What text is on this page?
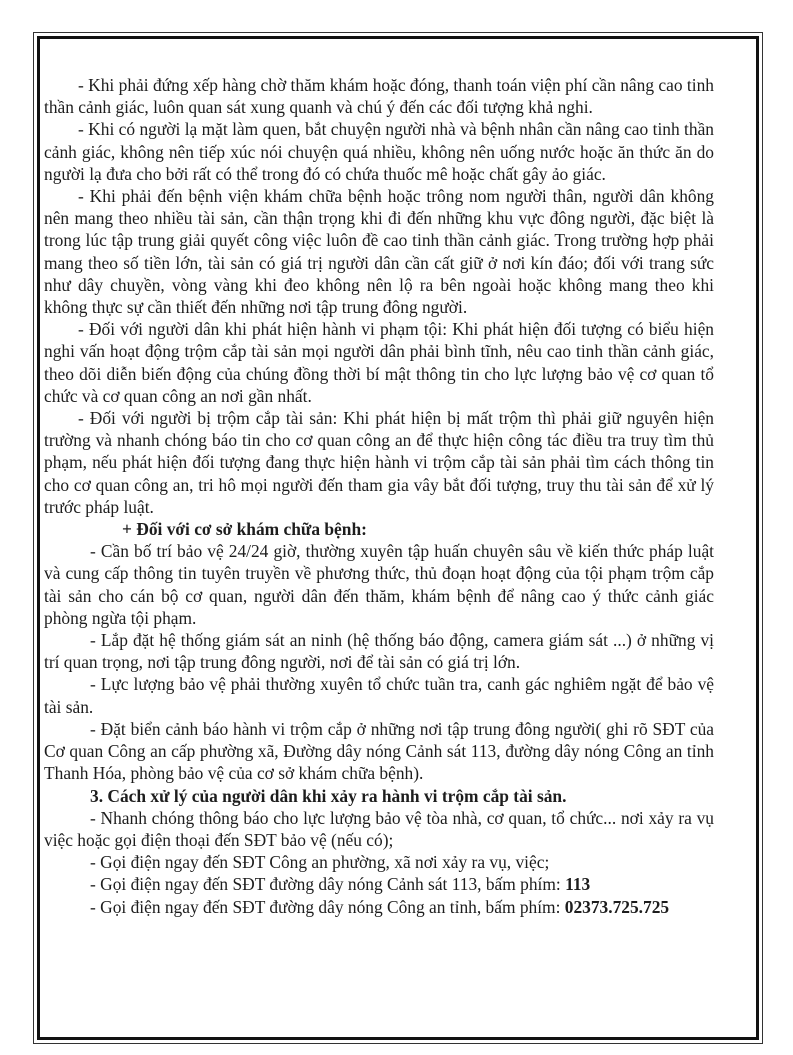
- Khi phải đứng xếp hàng chờ thăm khám hoặc đóng, thanh toán viện phí cần nâng cao tinh thần cảnh giác, luôn quan sát xung quanh và chú ý đến các đối tượng khả nghi.

- Khi có người lạ mặt làm quen, bắt chuyện người nhà và bệnh nhân cần nâng cao tinh thần cảnh giác, không nên tiếp xúc nói chuyện quá nhiều, không nên uống nước hoặc ăn thức ăn do người lạ đưa cho bởi rất có thể trong đó có chứa thuốc mê hoặc chất gây ảo giác.

- Khi phải đến bệnh viện khám chữa bệnh hoặc trông nom người thân, người dân không nên mang theo nhiều tài sản, cần thận trọng khi đi đến những khu vực đông người, đặc biệt là trong lúc tập trung giải quyết công việc luôn đề cao tinh thần cảnh giác. Trong trường hợp phải mang theo số tiền lớn, tài sản có giá trị người dân cần cất giữ ở nơi kín đáo; đối với trang sức như dây chuyền, vòng vàng khi đeo không nên lộ ra bên ngoài hoặc không mang theo khi không thực sự cần thiết đến những nơi tập trung đông người.

- Đối với người dân khi phát hiện hành vi phạm tội: Khi phát hiện đối tượng có biểu hiện nghi vấn hoạt động trộm cắp tài sản mọi người dân phải bình tĩnh, nêu cao tinh thần cảnh giác, theo dõi diễn biến động của chúng đồng thời bí mật thông tin cho lực lượng bảo vệ cơ quan tổ chức và cơ quan công an nơi gần nhất.

- Đối với người bị trộm cắp tài sản: Khi phát hiện bị mất trộm thì phải giữ nguyên hiện trường và nhanh chóng báo tin cho cơ quan công an để thực hiện công tác điều tra truy tìm thủ phạm, nếu phát hiện đối tượng đang thực hiện hành vi trộm cắp tài sản phải tìm cách thông tin cho cơ quan công an, tri hô mọi người đến tham gia vây bắt đối tượng, truy thu tài sản để xử lý trước pháp luật.

+ Đối với cơ sở khám chữa bệnh:

- Cần bố trí bảo vệ 24/24 giờ, thường xuyên tập huấn chuyên sâu về kiến thức pháp luật và cung cấp thông tin tuyên truyền về phương thức, thủ đoạn hoạt động của tội phạm trộm cắp tài sản cho cán bộ cơ quan, người dân đến thăm, khám bệnh để nâng cao ý thức cảnh giác phòng ngừa tội phạm.

- Lắp đặt hệ thống giám sát an ninh (hệ thống báo động, camera giám sát ...) ở những vị trí quan trọng, nơi tập trung đông người, nơi để tài sản có giá trị lớn.

- Lực lượng bảo vệ phải thường xuyên tổ chức tuần tra, canh gác nghiêm ngặt để bảo vệ tài sản.

- Đặt biển cảnh báo hành vi trộm cắp ở những nơi tập trung đông người( ghi rõ SĐT của Cơ quan Công an cấp phường xã, Đường dây nóng Cảnh sát 113, đường dây nóng Công an tỉnh Thanh Hóa, phòng bảo vệ của cơ sở khám chữa bệnh).

3. Cách xử lý của người dân khi xảy ra hành vi trộm cắp tài sản.

- Nhanh chóng thông báo cho lực lượng bảo vệ tòa nhà, cơ quan, tổ chức... nơi xảy ra vụ việc hoặc gọi điện thoại đến SĐT bảo vệ (nếu có);

- Gọi điện ngay đến SĐT Công an phường, xã nơi xảy ra vụ, việc;

- Gọi điện ngay đến SĐT đường dây nóng Cảnh sát 113, bấm phím: 113

- Gọi điện ngay đến SĐT đường dây nóng Công an tỉnh, bấm phím: 02373.725.725
